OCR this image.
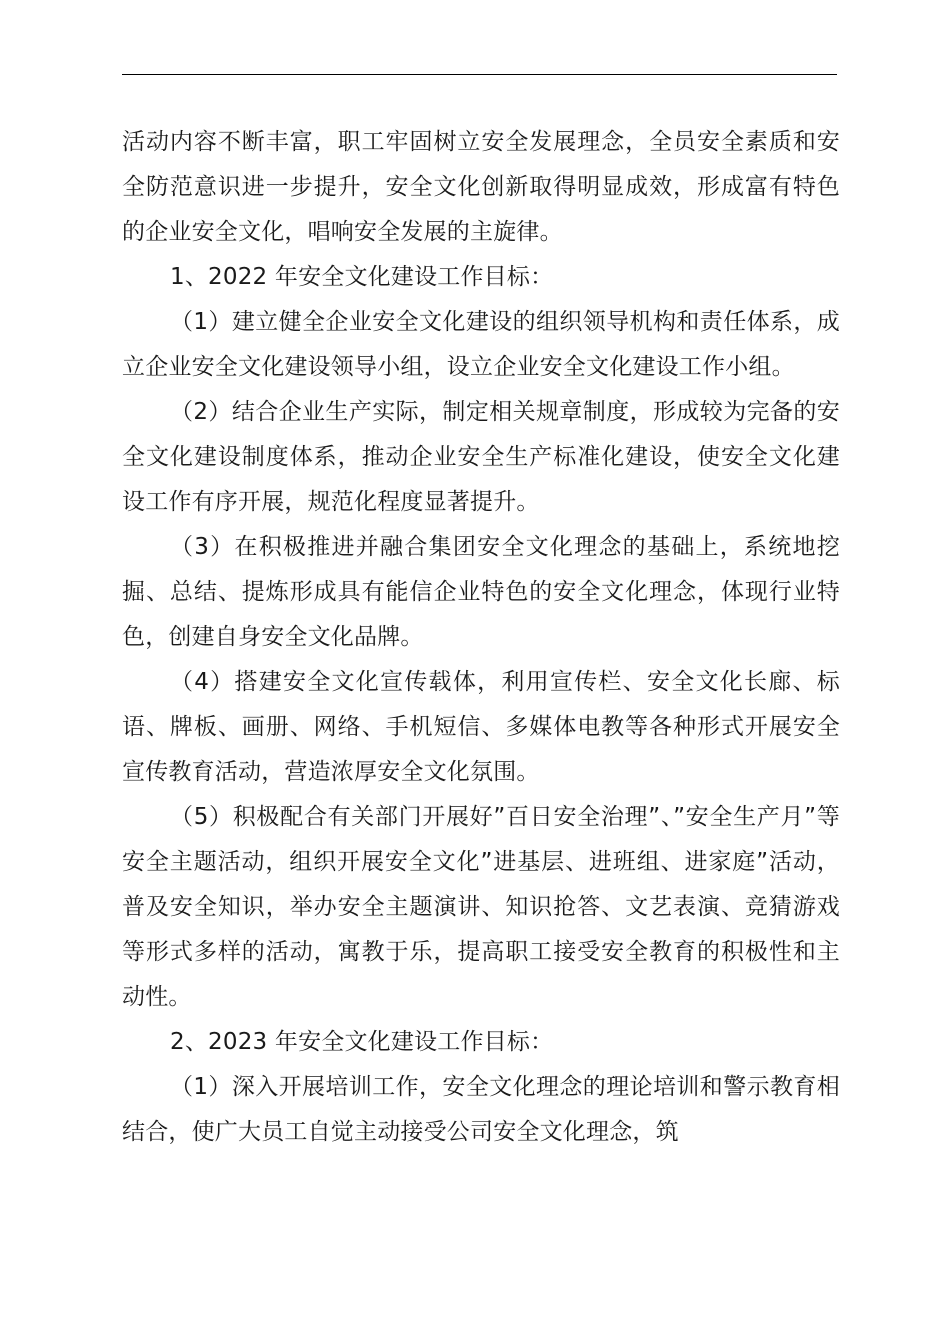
活动内容不断丰富，职工牢固树立安全发展理念，全员安全素质和安全防范意识进一步提升，安全文化创新取得明显成效，形成富有特色的企业安全文化，唱响安全发展的主旋律。

1、2022 年安全文化建设工作目标：

（1）建立健全企业安全文化建设的组织领导机构和责任体系，成立企业安全文化建设领导小组，设立企业安全文化建设工作小组。

（2）结合企业生产实际，制定相关规章制度，形成较为完备的安全文化建设制度体系，推动企业安全生产标准化建设，使安全文化建设工作有序开展，规范化程度显著提升。

（3）在积极推进并融合集团安全文化理念的基础上，系统地挖掘、总结、提炼形成具有能信企业特色的安全文化理念，体现行业特色，创建自身安全文化品牌。

（4）搭建安全文化宣传载体，利用宣传栏、安全文化长廊、标语、牌板、画册、网络、手机短信、多媒体电教等各种形式开展安全宣传教育活动，营造浓厚安全文化氛围。

（5）积极配合有关部门开展好”百日安全治理”、”安全生产月”等安全主题活动，组织开展安全文化”进基层、进班组、进家庭”活动，普及安全知识，举办安全主题演讲、知识抢答、文艺表演、竞猜游戏等形式多样的活动，寓教于乐，提高职工接受安全教育的积极性和主动性。

2、2023 年安全文化建设工作目标：

（1）深入开展培训工作，安全文化理念的理论培训和警示教育相结合，使广大员工自觉主动接受公司安全文化理念，筑
